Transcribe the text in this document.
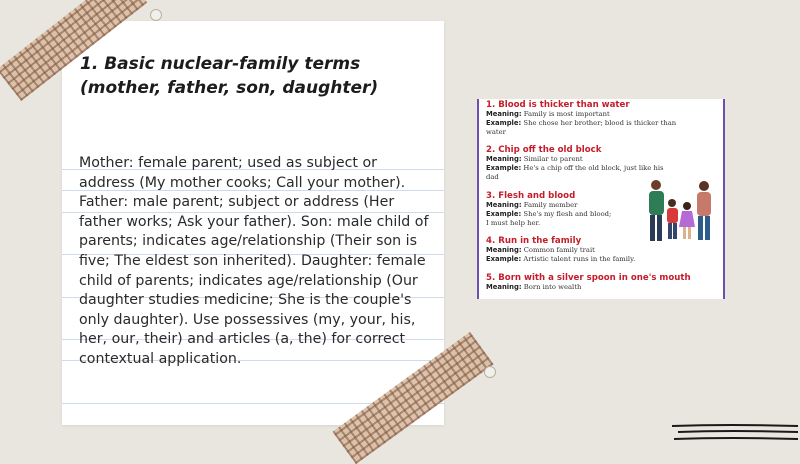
1. Basic nuclear-family terms (mother, father, son, daughter)

Mother: female parent; used as subject or address (My mother cooks; Call your mother). Father: male parent; subject or address (Her father works; Ask your father). Son: male child of parents; indicates age/relationship (Their son is five; The eldest son inherited). Daughter: female child of parents; indicates age/relationship (Our daughter studies medicine; She is the couple's only daughter). Use possessives (my, your, his, her, our, their) and articles (a, the) for correct contextual application.

1. Blood is thicker than water
Meaning: Family is most important
Example: She chose her brother; blood is thicker than
water
2. Chip off the old block
Meaning: Similar to parent
Example: He's a chip off the old block, just like his
dad
3. Flesh and blood
Meaning: Family member
Example: She's my flesh and blood;
I must help her.
4. Run in the family
Meaning: Common family trait
Example: Artistic talent runs in the family.
5. Born with a silver spoon in one's mouth
Meaning: Born into wealth
